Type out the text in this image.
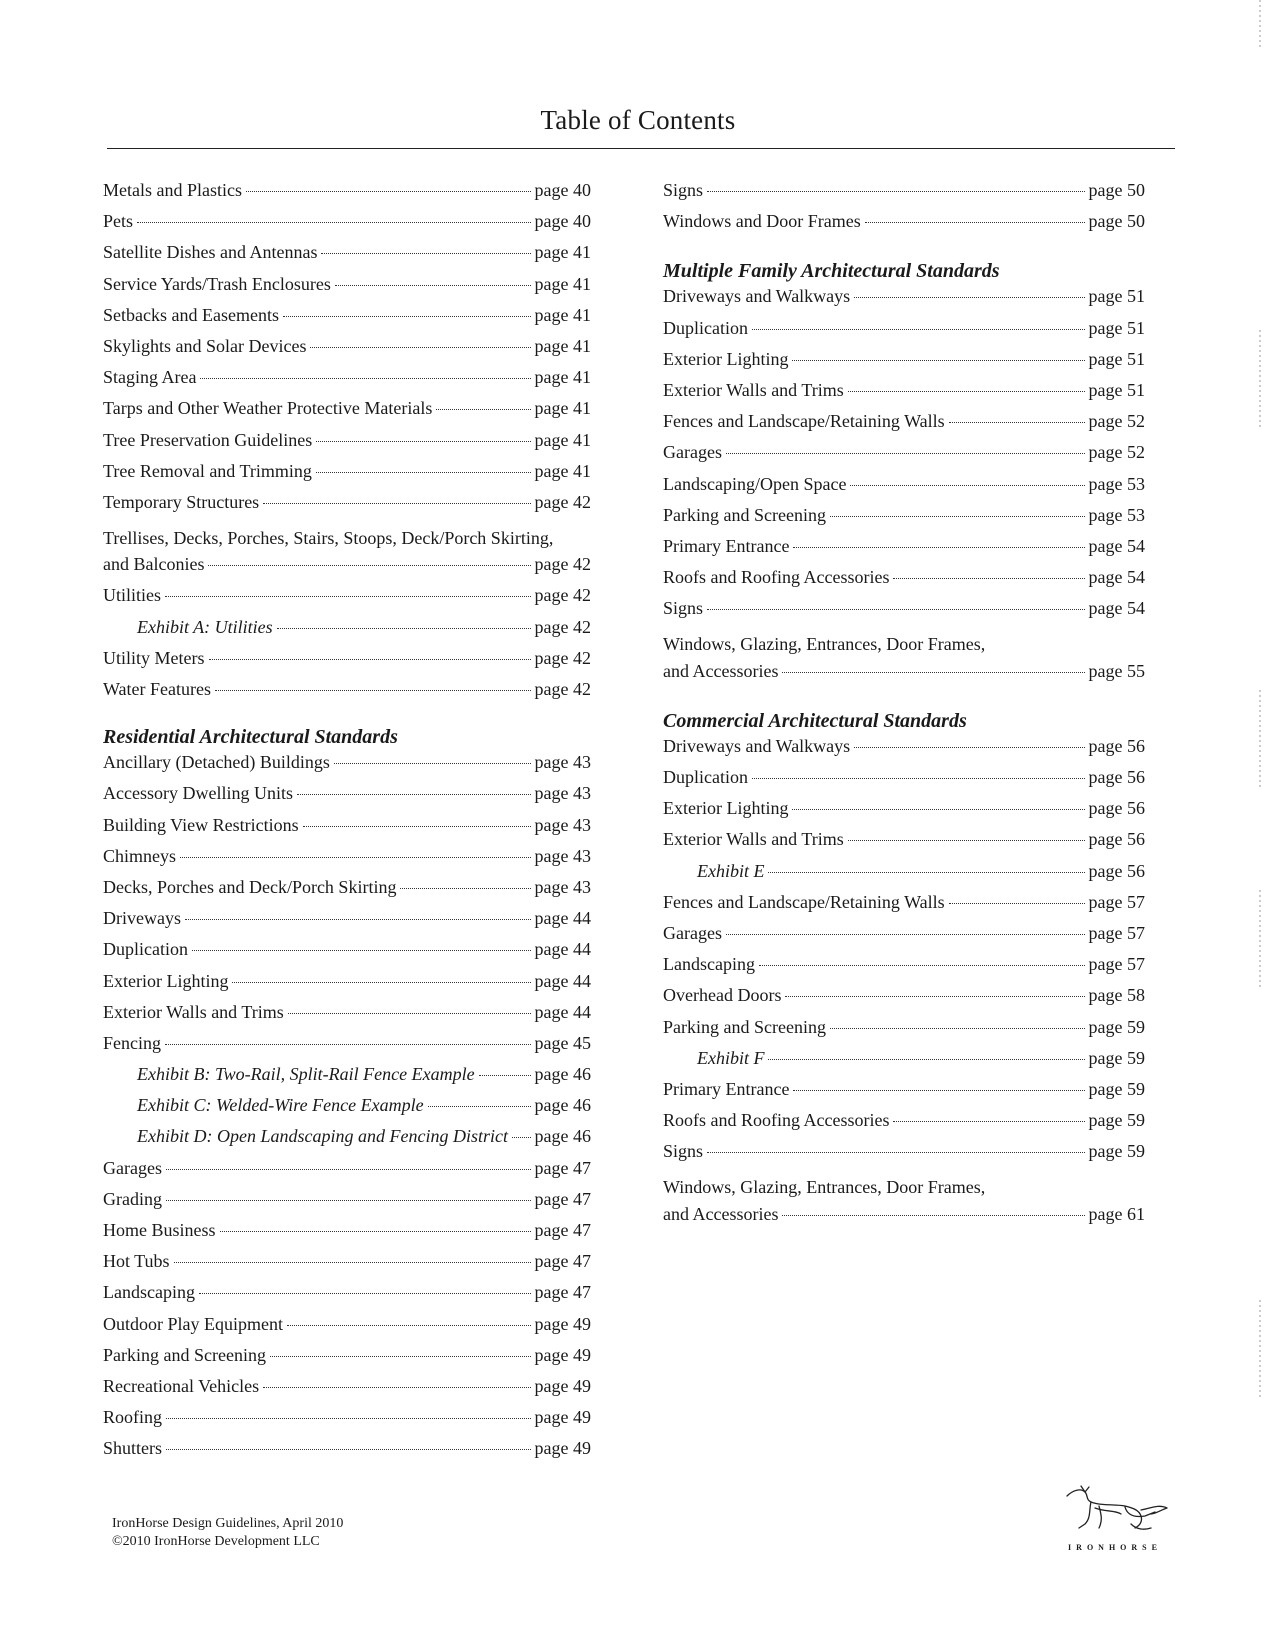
Table of Contents
Metals and Plastics	page 40
Pets	page 40
Satellite Dishes and Antennas	page 41
Service Yards/Trash Enclosures	page 41
Setbacks and Easements	page 41
Skylights and Solar Devices	page 41
Staging Area	page 41
Tarps and Other Weather Protective Materials	page 41
Tree Preservation Guidelines	page 41
Tree Removal and Trimming	page 41
Temporary Structures	page 42
Trellises, Decks, Porches, Stairs, Stoops, Deck/Porch Skirting,
and Balconies	page 42
Utilities	page 42
Exhibit A: Utilities	page 42
Utility Meters	page 42
Water Features	page 42
Residential Architectural Standards
Ancillary (Detached) Buildings	page 43
Accessory Dwelling Units	page 43
Building View Restrictions	page 43
Chimneys	page 43
Decks, Porches and Deck/Porch Skirting	page 43
Driveways	page 44
Duplication	page 44
Exterior Lighting	page 44
Exterior Walls and Trims	page 44
Fencing	page 45
Exhibit B: Two-Rail, Split-Rail Fence Example	page 46
Exhibit C: Welded-Wire Fence Example	page 46
Exhibit D: Open Landscaping and Fencing District page 46
Garages	page 47
Grading	page 47
Home Business	page 47
Hot Tubs	page 47
Landscaping	page 47
Outdoor Play Equipment	page 49
Parking and Screening	page 49
Recreational Vehicles	page 49
Roofing	page 49
Shutters	page 49
Signs	page 50
Windows and Door Frames	page 50
Multiple Family Architectural Standards
Driveways and Walkways	page 51
Duplication	page 51
Exterior Lighting	page 51
Exterior Walls and Trims	page 51
Fences and Landscape/Retaining Walls	page 52
Garages	page 52
Landscaping/Open Space	page 53
Parking and Screening	page 53
Primary Entrance	page 54
Roofs and Roofing Accessories	page 54
Signs	page 54
Windows, Glazing, Entrances, Door Frames,
and Accessories	page 55
Commercial Architectural Standards
Driveways and Walkways	page 56
Duplication	page 56
Exterior Lighting	page 56
Exterior Walls and Trims	page 56
Exhibit E	page 56
Fences and Landscape/Retaining Walls	page 57
Garages	page 57
Landscaping	page 57
Overhead Doors	page 58
Parking and Screening	page 59
Exhibit F	page 59
Primary Entrance	page 59
Roofs and Roofing Accessories	page 59
Signs	page 59
Windows, Glazing, Entrances, Door Frames,
and Accessories	page 61
IronHorse Design Guidelines, April 2010
©2010 IronHorse Development LLC	IRONHORSE
